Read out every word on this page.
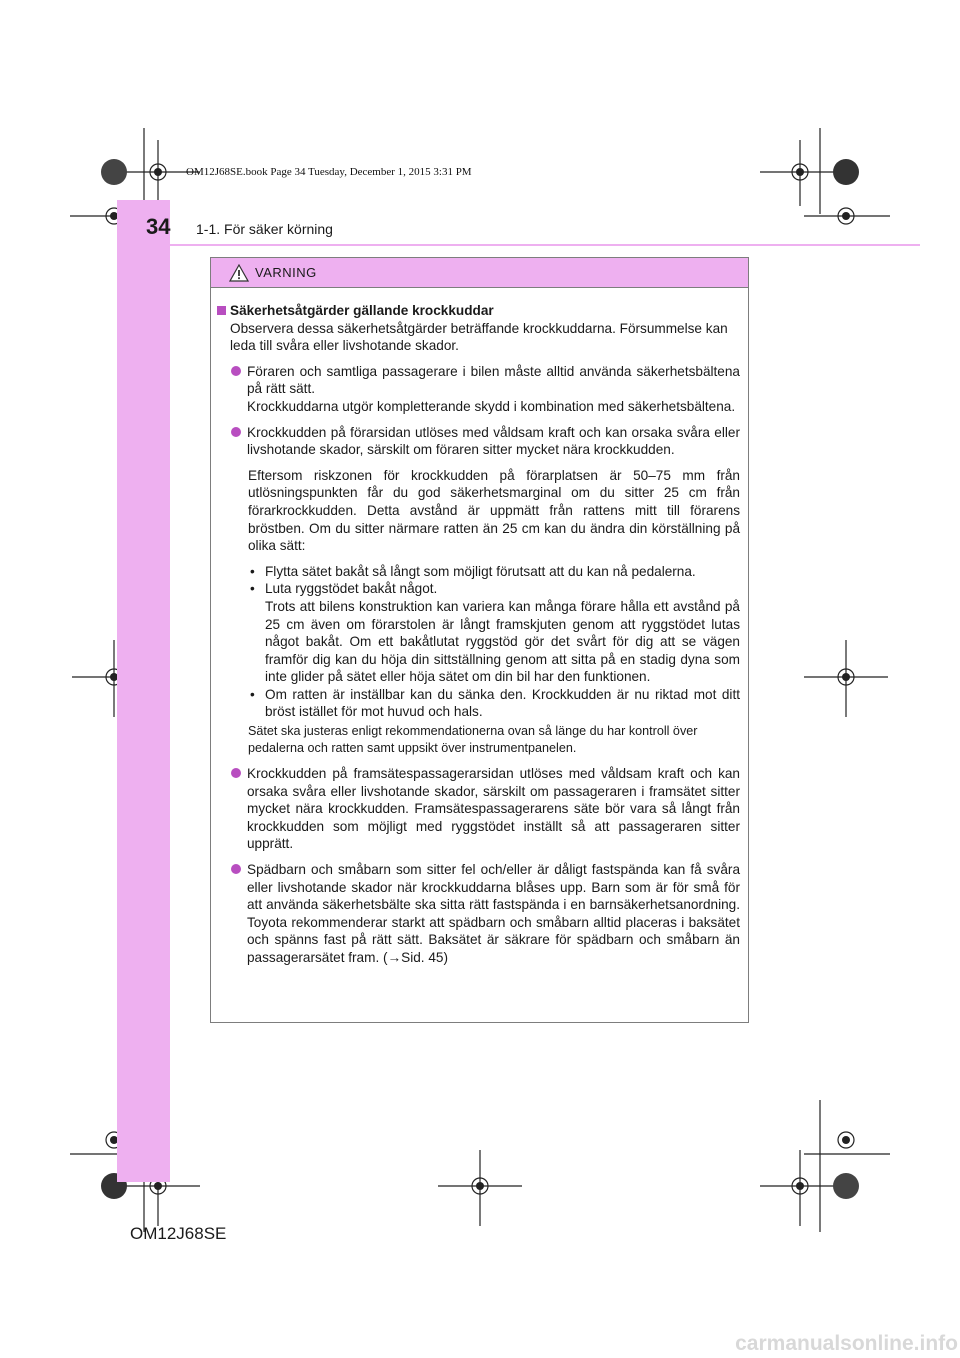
OM12J68SE.book Page 34 Tuesday, December 1, 2015 3:31 PM
34 1-1. För säker körning
VARNING
Säkerhetsåtgärder gällande krockkuddar
Observera dessa säkerhetsåtgärder beträffande krockkuddarna. Försummelse kan leda till svåra eller livshotande skador.
Föraren och samtliga passagerare i bilen måste alltid använda säkerhetsbältena på rätt sätt.
Krockkuddarna utgör kompletterande skydd i kombination med säkerhetsbältena.
Krockkudden på förarsidan utlöses med våldsam kraft och kan orsaka svåra eller livshotande skador, särskilt om föraren sitter mycket nära krockkudden.
Eftersom riskzonen för krockkudden på förarplatsen är 50–75 mm från utlösningspunkten får du god säkerhetsmarginal om du sitter 25 cm från förarkrockkudden. Detta avstånd är uppmätt från rattens mitt till förarens bröstben. Om du sitter närmare ratten än 25 cm kan du ändra din körställning på olika sätt:
• Flytta sätet bakåt så långt som möjligt förutsatt att du kan nå pedalerna.
• Luta ryggstödet bakåt något.
Trots att bilens konstruktion kan variera kan många förare hålla ett avstånd på 25 cm även om förarstolen är långt framskjuten genom att ryggstödet lutas något bakåt. Om ett bakåtlutat ryggstöd gör det svårt för dig att se vägen framför dig kan du höja din sittställning genom att sitta på en stadig dyna som inte glider på sätet eller höja sätet om din bil har den funktionen.
• Om ratten är inställbar kan du sänka den. Krockkudden är nu riktad mot ditt bröst istället för mot huvud och hals.
Sätet ska justeras enligt rekommendationerna ovan så länge du har kontroll över pedalerna och ratten samt uppsikt över instrumentpanelen.
Krockkudden på framsätespassagerarsidan utlöses med våldsam kraft och kan orsaka svåra eller livshotande skador, särskilt om passageraren i framsätet sitter mycket nära krockkudden. Framsätespassagerarens säte bör vara så långt från krockkudden som möjligt med ryggstödet inställt så att passageraren sitter upprätt.
Spädbarn och småbarn som sitter fel och/eller är dåligt fastspända kan få svåra eller livshotande skador när krockkuddarna blåses upp. Barn som är för små för att använda säkerhetsbälte ska sitta rätt fastspända i en barnsäkerhetsanordning. Toyota rekommenderar starkt att spädbarn och småbarn alltid placeras i baksätet och spänns fast på rätt sätt. Baksätet är säkrare för spädbarn och småbarn än passagerarsätet fram. (→Sid. 45)
OM12J68SE
carmanualsonline.info
